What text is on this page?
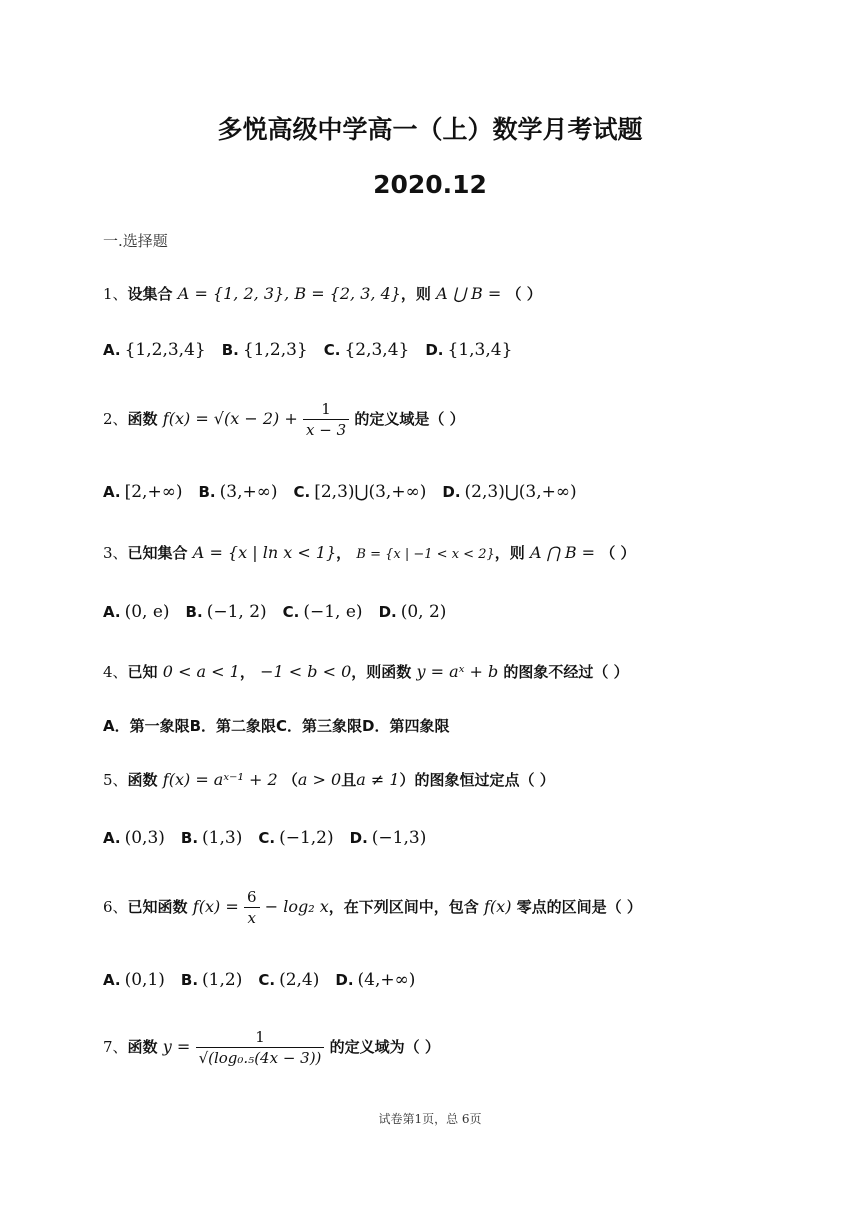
多悦高级中学高一（上）数学月考试题
2020.12
一.选择题
1、设集合 A = {1, 2, 3}, B = {2, 3, 4}，则 A ⋃ B = （ ）
A. {1,2,3,4} B. {1,2,3} C. {2,3,4} D. {1,3,4}
2、函数 $f(x) = √(x - 2) + \frac{1}{x - 3}$ 的定义域是（ ）
A. [2,+∞) B. (3,+∞) C. [2,3)⋃(3,+∞) D. (2,3)⋃(3,+∞)
3、已知集合 A = {x | ln x < 1}， B = {x | −1 < x < 2}，则 A ⋂ B = （ ）
A. (0, e) B. (−1, 2) C. (−1, e) D. (0, 2)
4、已知 0 < a < 1， −1 < b < 0，则函数 y = aˣ + b 的图象不经过（ ）
A．第一象限B．第二象限C．第三象限D．第四象限
5、函数 f(x) = aˣ⁻¹ + 2 （a > 0且a ≠ 1）的图象恒过定点（ ）
A. (0,3) B. (1,3) C. (−1,2) D. (−1,3)
6、已知函数 $f(x) = \frac{6}{x} - \log_2$ x，在下列区间中，包含 f(x) 零点的区间是（ ）
A. (0,1) B. (1,2) C. (2,4) D. (4,+∞)
7、函数 $y = \frac{1}{\text{√(log₀.₅(4x − 3))}}$ 的定义域为（ ）
试卷第1页，总 6页
